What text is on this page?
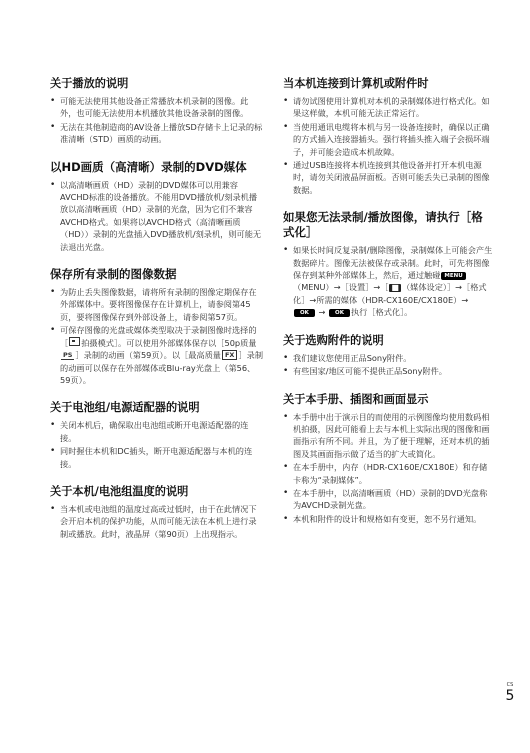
关于播放的说明
• 可能无法使用其他设备正常播放本机录制的图像。此外，也可能无法使用本机播放其他设备录制的图像。
• 无法在其他制造商的AV设备上播放SD存储卡上记录的标准清晰（STD）画质的动画。
以HD画质（高清晰）录制的DVD媒体
• 以高清晰画质（HD）录制的DVD媒体可以用兼容AVCHD标准的设备播放。不能用DVD播放机/刻录机播放以高清晰画质（HD）录制的光盘，因为它们不兼容AVCHD格式。如果将以AVCHD格式（高清晰画质（HD））录制的光盘插入DVD播放机/刻录机，则可能无法退出光盘。
保存所有录制的图像数据
• 为防止丢失图像数据，请将所有录制的图像定期保存在外部媒体中。要将图像保存在计算机上，请参阅第45页，要将图像保存到外部设备上，请参阅第57页。
• 可保存图像的光盘或媒体类型取决于录制图像时选择的［ 拍摄模式］。可以使用外部媒体保存以［50p质量PS ］录制的动画（第59页）。以［最高质量 FX ］录制的动画可以保存在外部媒体或Blu-ray光盘上（第56、59页）。
关于电池组/电源适配器的说明
• 关闭本机后，确保取出电池组或断开电源适配器的连接。
• 同时握住本机和DC插头，断开电源适配器与本机的连接。
关于本机/电池组温度的说明
• 当本机或电池组的温度过高或过低时，由于在此情况下会开启本机的保护功能，从而可能无法在本机上进行录制或播放。此时，液晶屏（第90页）上出现指示。
当本机连接到计算机或附件时
• 请勿试图使用计算机对本机的录制媒体进行格式化。如果这样做，本机可能无法正常运行。
• 当使用通讯电缆将本机与另一设备连接时，确保以正确的方式插入连接器插头。强行将插头推入端子会损坏端子，并可能会造成本机故障。
• 通过USB连接将本机连接到其他设备并打开本机电源时，请勿关闭液晶屏面板。否则可能丢失已录制的图像数据。
如果您无法录制/播放图像，请执行［格式化］
• 如果长时间反复录制/删除图像，录制媒体上可能会产生数据碎片。图像无法被保存或录制。此时，可先将图像保存到某种外部媒体上，然后，通过触碰 MENU（MENU）→［设置］→［ ■ （媒体设定）］→［格式化］→所需的媒体（HDR-CX160E/CX180E）→ OK → OK 执行［格式化］。
关于选购附件的说明
• 我们建议您使用正品Sony附件。
• 有些国家/地区可能不提供正品Sony附件。
关于本手册、插图和画面显示
• 本手册中出于演示目的而使用的示例图像均使用数码相机拍摄，因此可能看上去与本机上实际出现的图像和画面指示有所不同。并且，为了便于理解，还对本机的插图及其画面指示做了适当的扩大或简化。
• 在本手册中，内存（HDR-CX160E/CX180E）和存储卡称为“录制媒体”。
• 在本手册中，以高清晰画质（HD）录制的DVD光盘称为AVCHD录制光盘。
• 本机和附件的设计和规格如有变更，恕不另行通知。
CS
5
